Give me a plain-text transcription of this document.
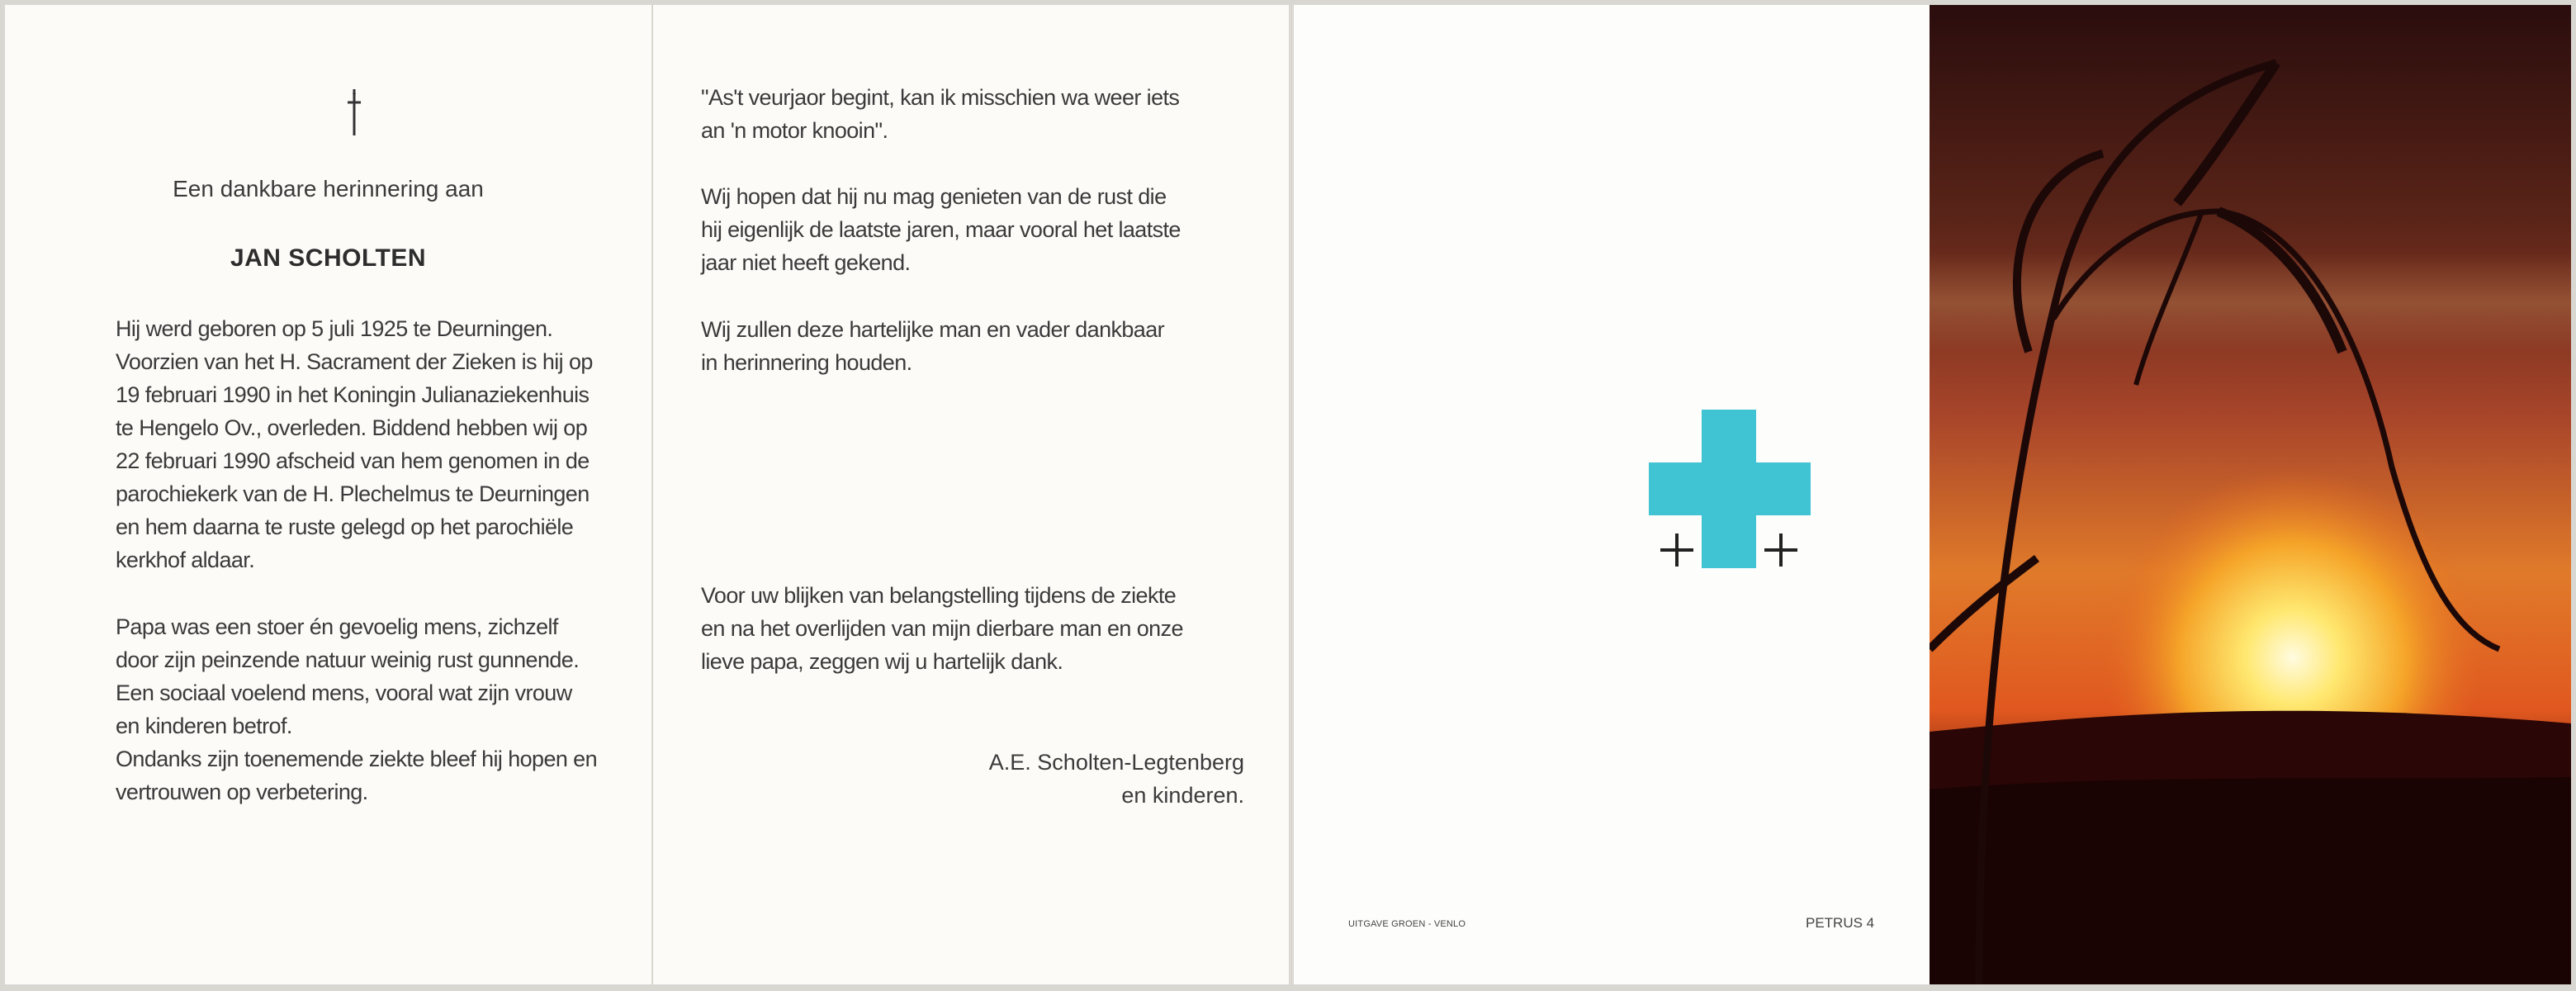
Een dankbare herinnering aan
JAN SCHOLTEN

Hij werd geboren op 5 juli 1925 te Deurningen.

Voorzien van het H. Sacrament der Zieken is hij op

19 februari 1990 in het Koningin Julianaziekenhuis

te Hengelo Ov., overleden. Biddend hebben wij op

22 februari 1990 afscheid van hem genomen in de

parochiekerk van de H. Plechelmus te Deurningen

en hem daarna te ruste gelegd op het parochiële

kerkhof aldaar.

Papa was een stoer én gevoelig mens, zichzelf

door zijn peinzende natuur weinig rust gunnende.

Een sociaal voelend mens, vooral wat zijn vrouw

en kinderen betrof.

Ondanks zijn toenemende ziekte bleef hij hopen en

vertrouwen op verbetering.

"As't veurjaor begint, kan ik misschien wa weer iets

an 'n motor knooin".

Wij hopen dat hij nu mag genieten van de rust die

hij eigenlijk de laatste jaren, maar vooral het laatste

jaar niet heeft gekend.

Wij zullen deze hartelijke man en vader dankbaar

in herinnering houden.

Voor uw blijken van belangstelling tijdens de ziekte

en na het overlijden van mijn dierbare man en onze

lieve papa, zeggen wij u hartelijk dank.

A.E. Scholten-Legtenberg
en kinderen.
UITGAVE GROEN - VENLO	PETRUS 4
